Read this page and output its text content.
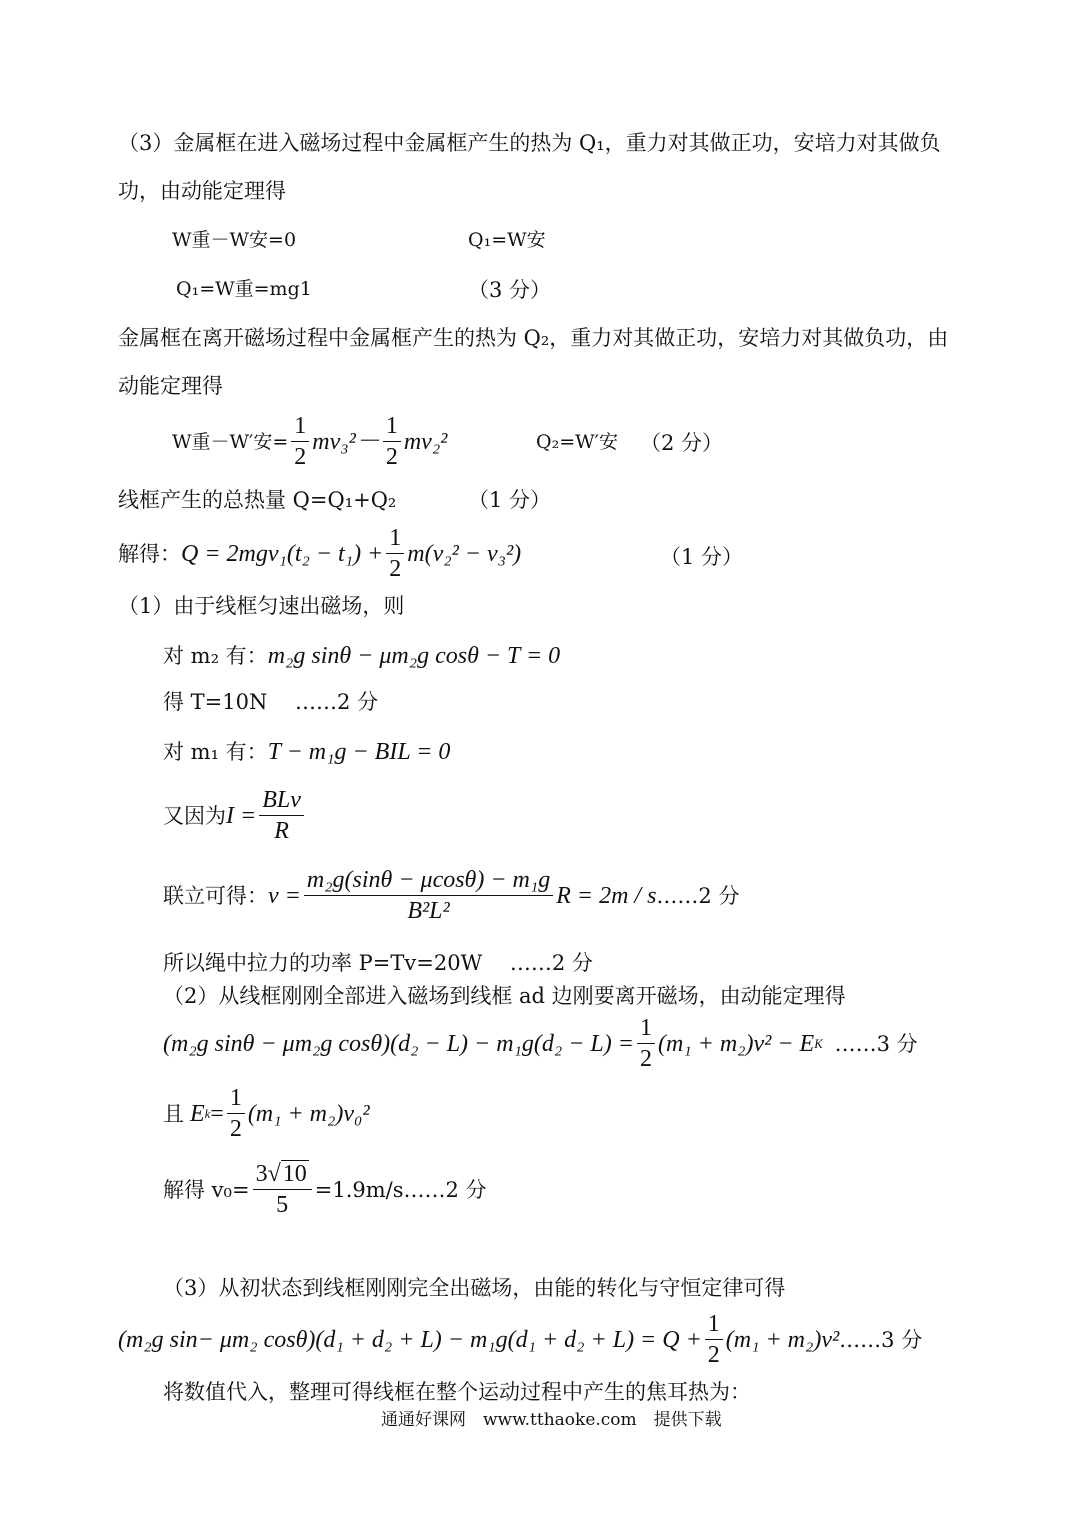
（3）金属框在进入磁场过程中金属框产生的热为 Q₁，重力对其做正功，安培力对其做负
功，由动能定理得
W重－W安=0	Q₁=W安
Q₁=W重=mg1	（3 分）
金属框在离开磁场过程中金属框产生的热为 Q₂，重力对其做正功，安培力对其做负功，由
动能定理得
W重－W′安= $\frac{1}{2} mv_3^2- \frac{1}{2} mv_2^2$	Q₂=W′安 （2 分）
线框产生的总热量 Q=Q₁+Q₂	（1 分）
解得： $Q = 2mgv_1(t_2 - t_1) + \frac{1}{2} m(v_2^2 - v_3^2)$	（1 分）
（1）由于线框匀速出磁场，则
对 m₂ 有： m₂g sinθ − μm₂g cosθ − T = 0
得 T=10N　 ……2 分
对 m₁ 有： T − m₁g − BIL = 0
又因为 $I = \frac{\text{BLv}}{R}$
联立可得： $v = \frac{\text{m₂g(sinθ − μcosθ) − m₁g}}{\text{B²L²}}$ R = 2m / s ……2 分
所以绳中拉力的功率 P=Tv=20W　 ……2 分
（2）从线框刚刚全部进入磁场到线框 ad 边刚要离开磁场，由动能定理得
(m₂g sinθ − μm₂g $\cos\theta)(d_2 - L) - m_1g(d_2 - L) = \frac{1}{2} (m_1 + m_2)v^2 - E$ K ……3 分
且 E $k = \frac{1}{2} (m_1 + m_2)v_0^2$
解得 $v_0= \frac{3√10}{5}$ =1.9m/s……2 分
（3）从初状态到线框刚刚完全出磁场，由能的转化与守恒定律可得
(m₂g sin− μm₂ $\cos\theta)(d_1 + d_2 + L) - m_1g(d_1 + d_2 + L) = Q + \frac{1}{2} (m_1 + m_2)v^2$ ……3 分
将数值代入，整理可得线框在整个运动过程中产生的焦耳热为：
通通好课网　www.tthaoke.com　提供下载
